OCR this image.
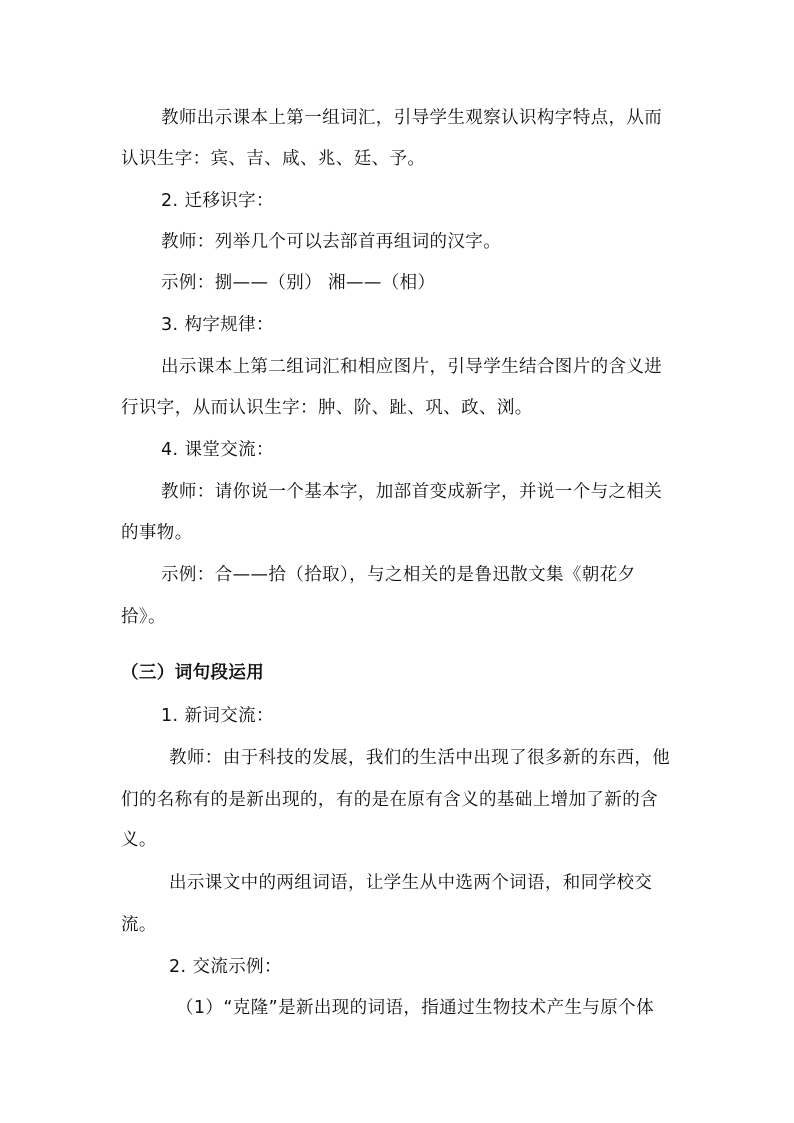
教师出示课本上第一组词汇，引导学生观察认识构字特点，从而
认识生字：宾、吉、咸、兆、廷、予。
2. 迁移识字：
教师：列举几个可以去部首再组词的汉字。
示例：捌——（别） 湘——（相）
3. 构字规律：
出示课本上第二组词汇和相应图片，引导学生结合图片的含义进
行识字，从而认识生字：肿、阶、趾、巩、政、浏。
4. 课堂交流：
教师：请你说一个基本字，加部首变成新字，并说一个与之相关
的事物。
示例：合——拾（拾取），与之相关的是鲁迅散文集《朝花夕
拾》。
（三）词句段运用
1. 新词交流：
教师：由于科技的发展，我们的生活中出现了很多新的东西，他
们的名称有的是新出现的，有的是在原有含义的基础上增加了新的含
义。
出示课文中的两组词语，让学生从中选两个词语，和同学校交
流。
2. 交流示例：
（1）“克隆”是新出现的词语，指通过生物技术产生与原个体
